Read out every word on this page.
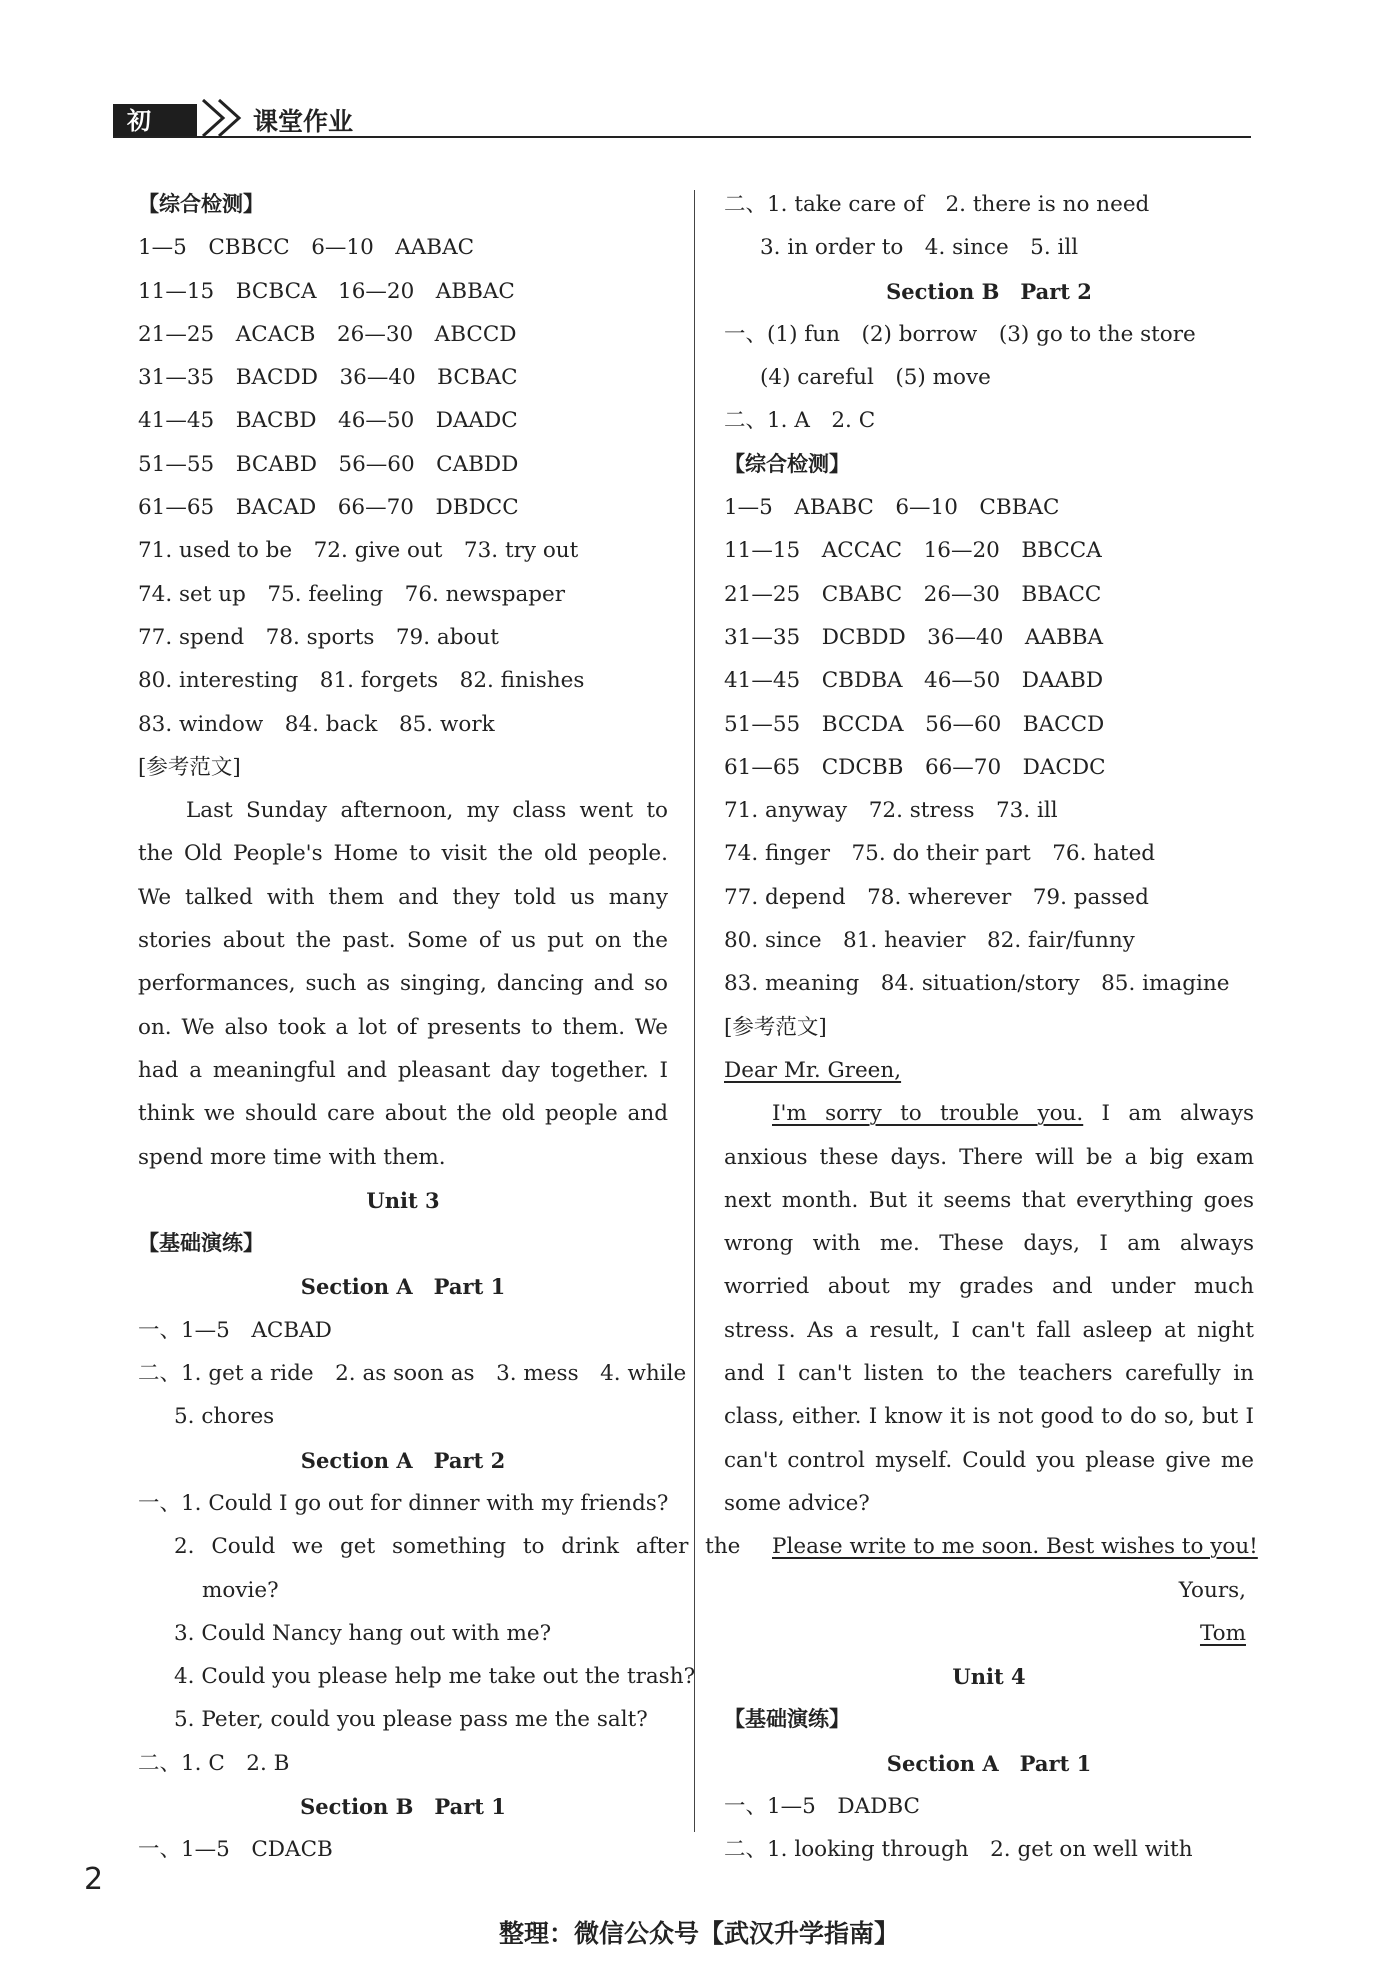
初 中
课堂作业
【综合检测】
1—5　CBBCC　6—10　AABAC
11—15　BCBCA　16—20　ABBAC
21—25　ACACB　26—30　ABCCD
31—35　BACDD　36—40　BCBAC
41—45　BACBD　46—50　DAADC
51—55　BCABD　56—60　CABDD
61—65　BACAD　66—70　DBDCC
71. used to be　72. give out　73. try out
74. set up　75. feeling　76. newspaper
77. spend　78. sports　79. about
80. interesting　81. forgets　82. finishes
83. window　84. back　85. work
[参考范文]
Last Sunday afternoon, my class went to the Old People's Home to visit the old people. We talked with them and they told us many stories about the past. Some of us put on the performances, such as singing, dancing and so on. We also took a lot of presents to them. We had a meaningful and pleasant day together. I think we should care about the old people and spend more time with them.
Unit 3
【基础演练】
Section A　Part 1
一、1—5　ACBAD
二、1. get a ride　2. as soon as　3. mess　4. while
5. chores
Section A　Part 2
一、1. Could I go out for dinner with my friends?
2. Could we get something to drink after the
movie?
3. Could Nancy hang out with me?
4. Could you please help me take out the trash?
5. Peter, could you please pass me the salt?
二、1. C　2. B
Section B　Part 1
一、1—5　CDACB
二、1. take care of　2. there is no need
3. in order to　4. since　5. ill
Section B　Part 2
一、(1) fun　(2) borrow　(3) go to the store
(4) careful　(5) move
二、1. A　2. C
【综合检测】
1—5　ABABC　6—10　CBBAC
11—15　ACCAC　16—20　BBCCA
21—25　CBABC　26—30　BBACC
31—35　DCBDD　36—40　AABBA
41—45　CBDBA　46—50　DAABD
51—55　BCCDA　56—60　BACCD
61—65　CDCBB　66—70　DACDC
71. anyway　72. stress　73. ill
74. finger　75. do their part　76. hated
77. depend　78. wherever　79. passed
80. since　81. heavier　82. fair/funny
83. meaning　84. situation/story　85. imagine
[参考范文]
Dear Mr. Green,
I'm sorry to trouble you. I am always anxious these days. There will be a big exam next month. But it seems that everything goes wrong with me. These days, I am always worried about my grades and under much stress. As a result, I can't fall asleep at night and I can't listen to the teachers carefully in class, either. I know it is not good to do so, but I can't control myself. Could you please give me some advice?
Please write to me soon. Best wishes to you!
Yours,
Tom
Unit 4
【基础演练】
Section A　Part 1
一、1—5　DADBC
二、1. looking through　2. get on well with
2
整理：微信公众号【武汉升学指南】
